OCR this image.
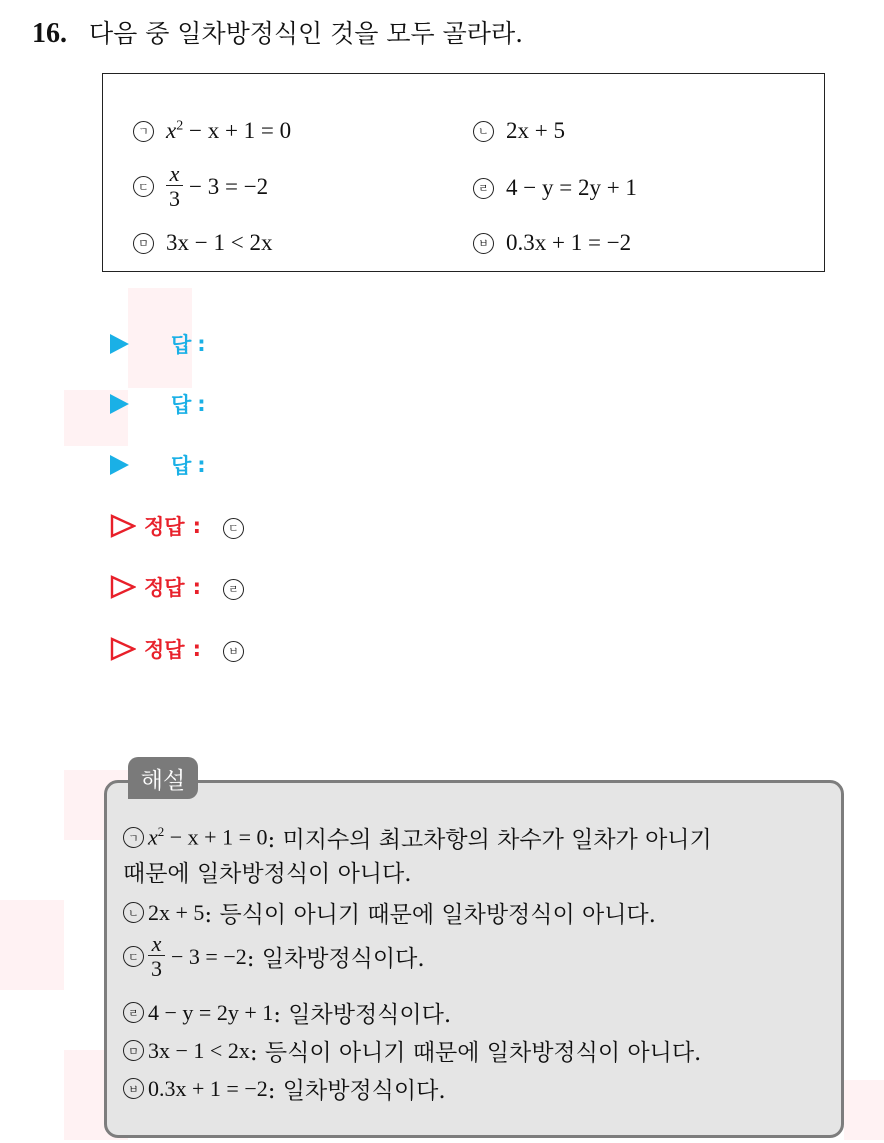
16. 다음 중 일차방정식인 것을 모두 골라라.
ㄱ $x^2 - x + 1 = 0$	ㄴ 2x + 5
ㄷ $\frac{x}{3} - 3 = -2$	ㄹ 4 − y = 2y + 1
ㅁ 3x − 1 < 2x	ㅂ 0.3x + 1 = −2
답 :
답 :
답 :
정답 :	ㄷ
정답 :	ㄹ
정답 :	ㅂ
ㄱ $x^2 - x + 1 = 0$ : 미지수의 최고차항의 차수가 일차가 아니기
때문에 일차방정식이 아니다.
ㄴ 2x + 5 : 등식이 아니기 때문에 일차방정식이 아니다.
ㄷ $\frac{x}{3} - 3 = -2$ : 일차방정식이다.
ㄹ 4 − y = 2y + 1 : 일차방정식이다.
ㅁ 3x − 1 < 2x : 등식이 아니기 때문에 일차방정식이 아니다.
ㅂ 0.3x + 1 = −2 : 일차방정식이다.
해설
